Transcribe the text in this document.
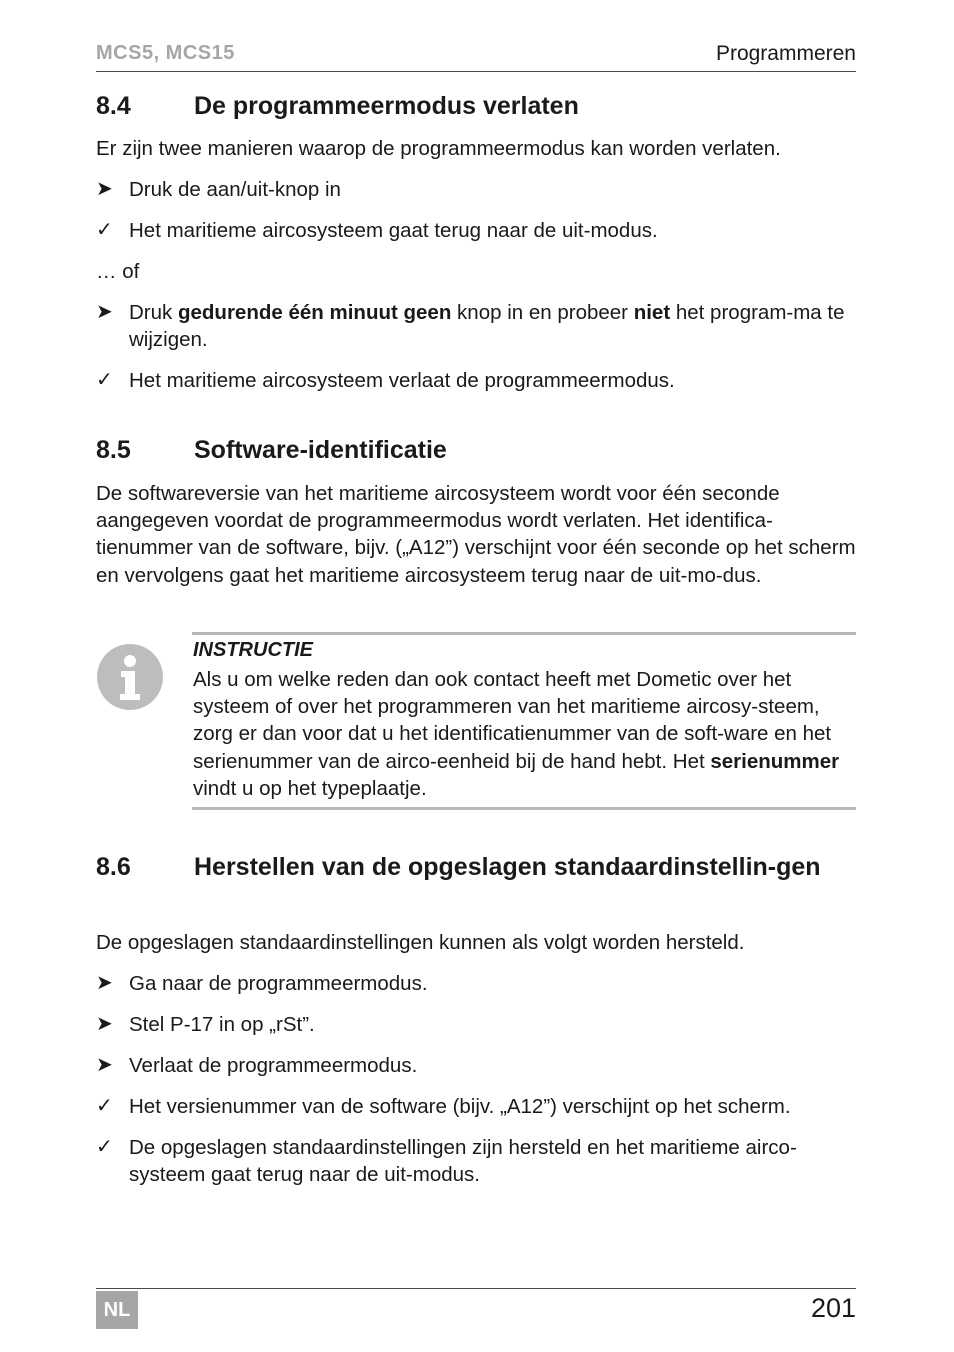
MCS5, MCS15	Programmeren
8.4	De programmeermodus verlaten
Er zijn twee manieren waarop de programmeermodus kan worden verlaten.
➤ Druk de aan/uit-knop in
✓ Het maritieme aircosysteem gaat terug naar de uit-modus.
… of
➤ Druk gedurende één minuut geen knop in en probeer niet het program-ma te wijzigen.
✓ Het maritieme aircosysteem verlaat de programmeermodus.
8.5	Software-identificatie
De softwareversie van het maritieme aircosysteem wordt voor één seconde aangegeven voordat de programmeermodus wordt verlaten. Het identifica-tienummer van de software, bijv. („A12”) verschijnt voor één seconde op het scherm en vervolgens gaat het maritieme aircosysteem terug naar de uit-mo-dus.
INSTRUCTIE
Als u om welke reden dan ook contact heeft met Dometic over het systeem of over het programmeren van het maritieme aircosy-steem, zorg er dan voor dat u het identificatienummer van de soft-ware en het serienummer van de airco-eenheid bij de hand hebt. Het serienummer vindt u op het typeplaatje.
8.6	Herstellen van de opgeslagen standaardinstellin-gen
De opgeslagen standaardinstellingen kunnen als volgt worden hersteld.
➤ Ga naar de programmeermodus.
➤ Stel P-17 in op „rSt”.
➤ Verlaat de programmeermodus.
✓ Het versienummer van de software (bijv. „A12”) verschijnt op het scherm.
✓ De opgeslagen standaardinstellingen zijn hersteld en het maritieme airco-systeem gaat terug naar de uit-modus.
NL	201
